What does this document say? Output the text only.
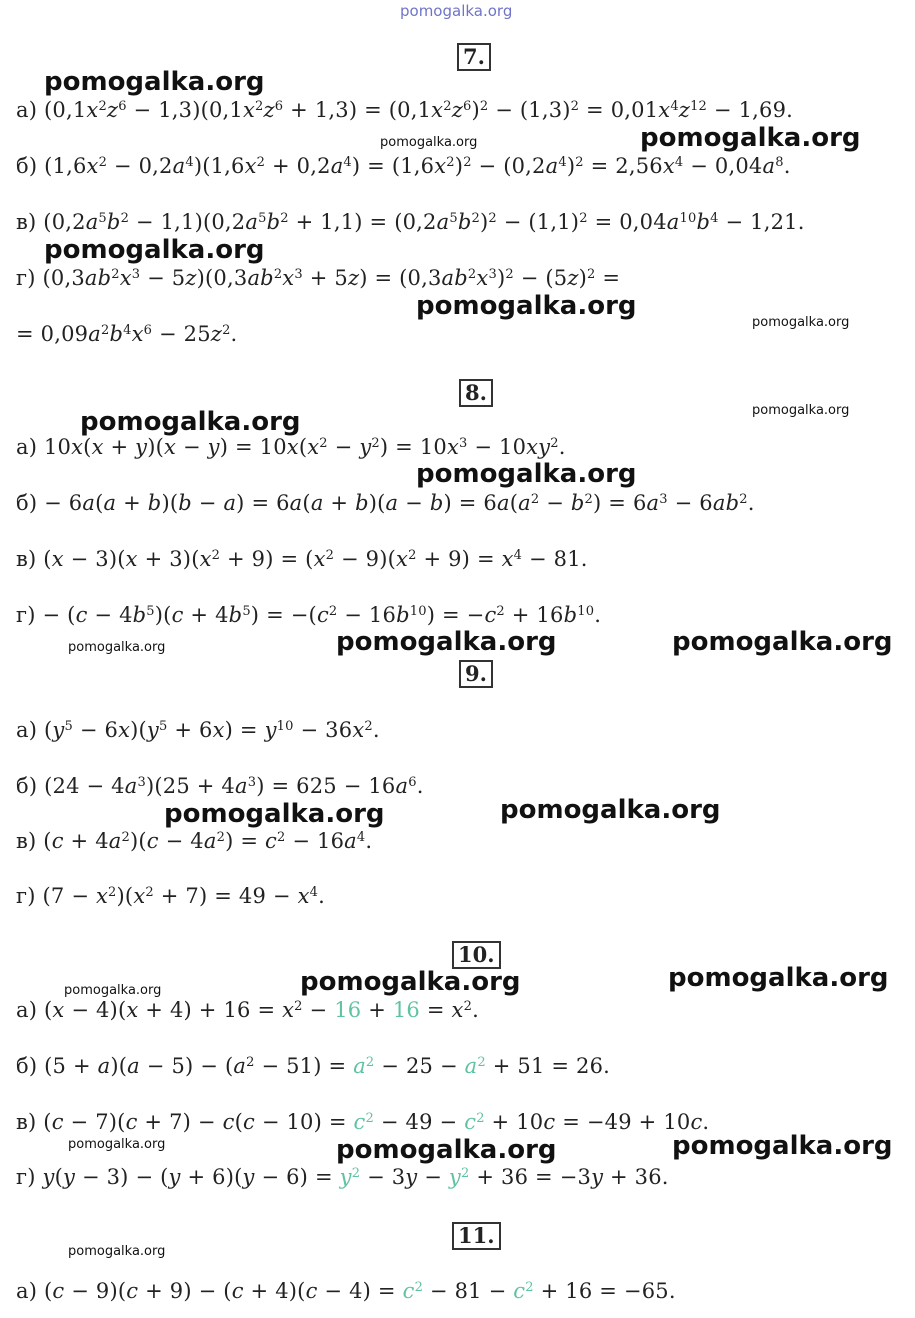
pomogalka.org
7.
а) $(0,1x^2z^6 - 1,3)(0,1x^2z^6 + 1,3) = (0,1x^2z^6)^2 - (1,3)^2 = 0,01x^4z^{12} - 1,69$.
б) $(1,6x^2 - 0,2a^4)(1,6x^2 + 0,2a^4) = (1,6x^2)^2 - (0,2a^4)^2 = 2,56x^4 - 0,04a^8$.
в) $(0,2a^5b^2 - 1,1)(0,2a^5b^2 + 1,1) = (0,2a^5b^2)^2 - (1,1)^2 = 0,04a^{10}b^4 - 1,21$.
г) $(0,3ab^2x^3 - 5z)(0,3ab^2x^3 + 5z) = (0,3ab^2x^3)^2 - (5z)^2$ =
= $0,09a^2b^4x^6 - 25z^2$.
8.
а) $10x(x + y)(x - y) = 10x(x^2 - y^2) = 10x^3 - 10xy^2$.
$б) - 6a(a + b)(b - a) = 6a(a + b)(a - b) = 6a(a^2 - b^2) = 6a^3 - 6ab^2$.
в) $(x - 3)(x + 3)(x^2 + 9) = (x^2 - 9)(x^2 + 9) = x^4 - 81$.
$г) - (c - 4b^5)(c + 4b^5) = -(c^2 - 16b^{10}) = -c^2 + 16b^{10}$.
9.
а) $(y^5 - 6x)(y^5 + 6x) = y^{10} - 36x^2$.
б) $(24 - 4a^3)(25 + 4a^3) = 625 - 16a^6$.
в) $(c + 4a^2)(c - 4a^2) = c^2 - 16a^4$.
г) $(7 - x^2)(x^2 + 7) = 49 - x^4$.
10.
а) $(x - 4)(x + 4) + 16 = x^2 - 16 + 16 = x^2$.
б) $(5 + a)(a - 5) - (a^2 - 51) = a^2 - 25 - a^2 + 51 = 26$.
в) $(c - 7)(c + 7) - c(c - 10) = c^2 - 49 - c^2 + 10c = -49 + 10c$.
г) $y(y - 3) - (y + 6)(y - 6) = y^2 - 3y - y^2 + 36 = -3y + 36$.
11.
а) $(c - 9)(c + 9) - (c + 4)(c - 4) = c^2 - 81 - c^2 + 16 = -65$.
pomogalka.org
pomogalka.org	pomogalka.org
pomogalka.org
pomogalka.org
pomogalka.org
pomogalka.org	pomogalka.org
pomogalka.org
pomogalka.org	pomogalka.org	pomogalka.org
pomogalka.org	pomogalka.org
pomogalka.org	pomogalka.org	pomogalka.org
pomogalka.org	pomogalka.org	pomogalka.org
pomogalka.org
